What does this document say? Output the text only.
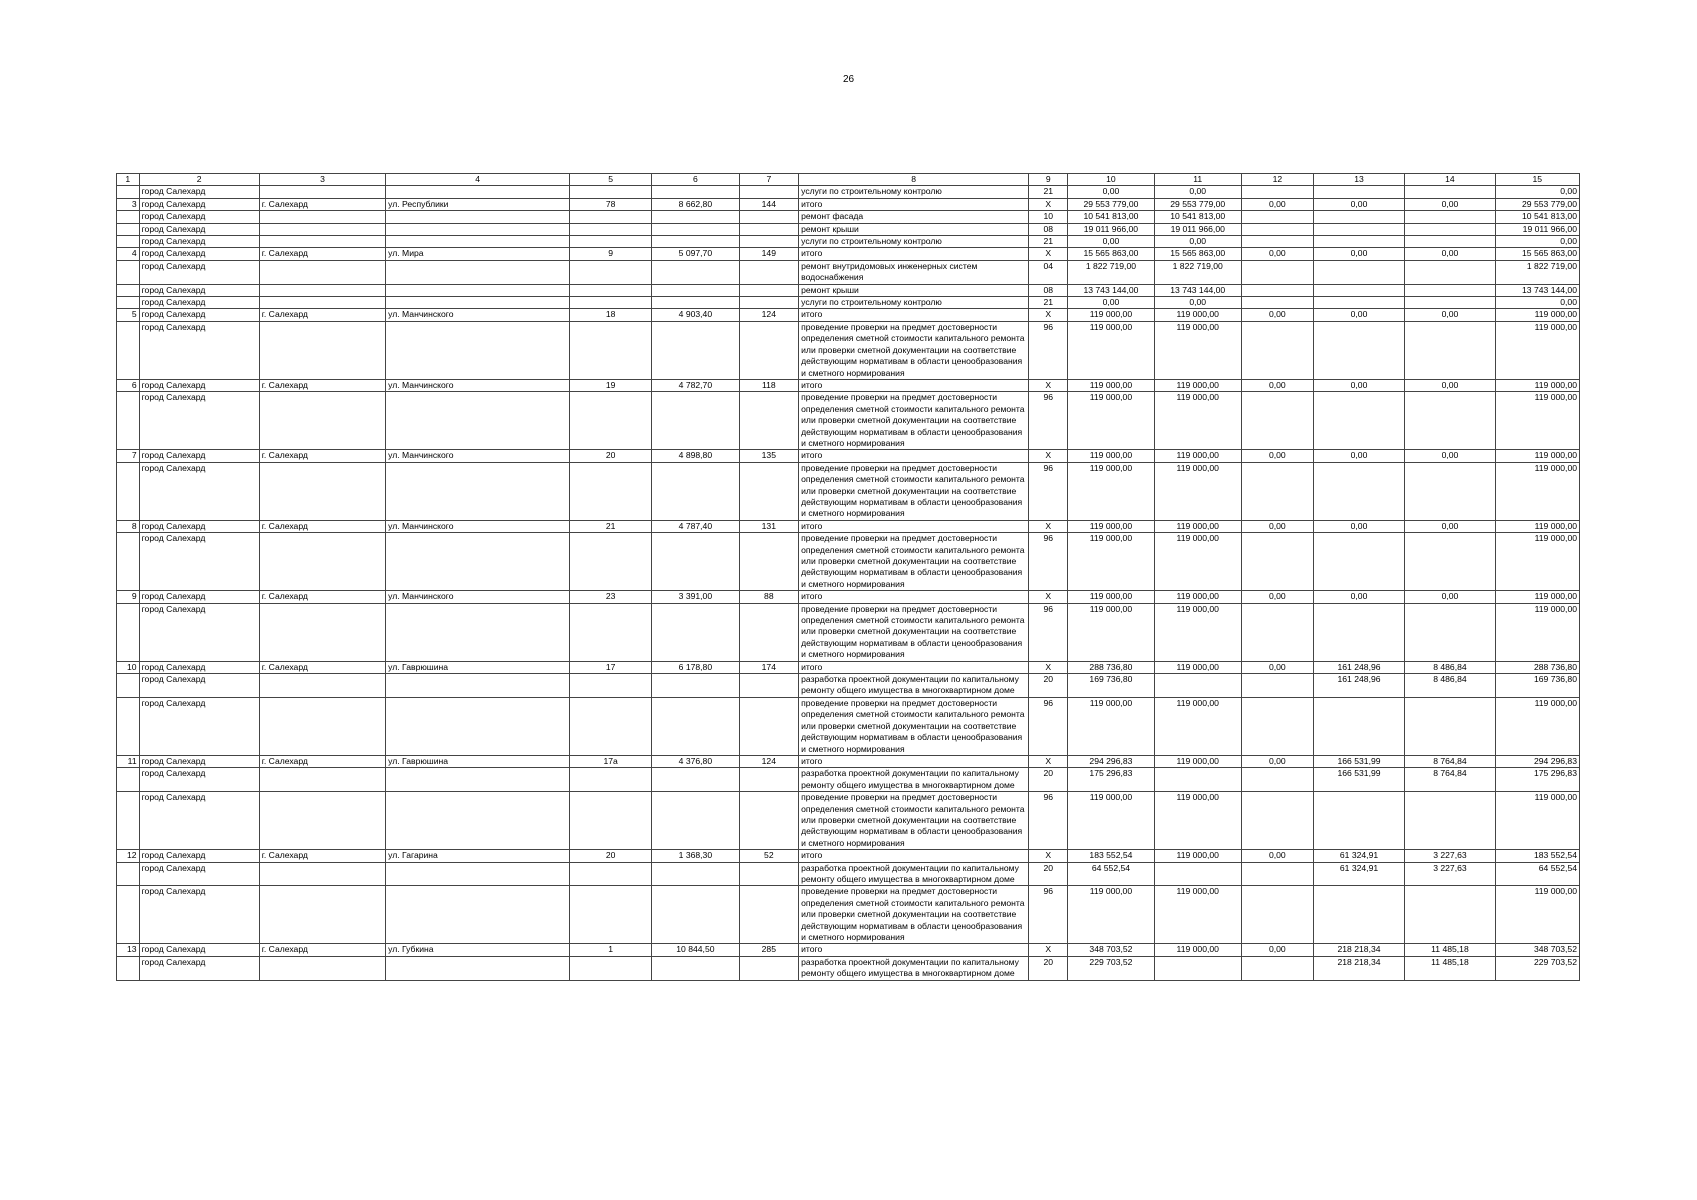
26
1	2	3	4	5	6	7	8	9	10	11	12	13	14	15
	город Салехард						услуги по строительному контролю	21	0,00	0,00				0,00
3	город Салехард	г. Салехард	ул. Республики	78	8 662,80	144	итого	X	29 553 779,00	29 553 779,00	0,00	0,00	0,00	29 553 779,00
	город Салехард						ремонт фасада	10	10 541 813,00	10 541 813,00				10 541 813,00
	город Салехард						ремонт крыши	08	19 011 966,00	19 011 966,00				19 011 966,00
	город Салехард						услуги по строительному контролю	21	0,00	0,00				0,00
4	город Салехард	г. Салехард	ул. Мира	9	5 097,70	149	итого	X	15 565 863,00	15 565 863,00	0,00	0,00	0,00	15 565 863,00
	город Салехард						ремонт внутридомовых инженерных систем водоснабжения	04	1 822 719,00	1 822 719,00				1 822 719,00
	город Салехард						ремонт крыши	08	13 743 144,00	13 743 144,00				13 743 144,00
	город Салехард						услуги по строительному контролю	21	0,00	0,00				0,00
5	город Салехард	г. Салехард	ул. Манчинского	18	4 903,40	124	итого	X	119 000,00	119 000,00	0,00	0,00	0,00	119 000,00
	город Салехард						проведение проверки на предмет достоверности определения сметной стоимости капитального ремонта или проверки сметной документации на соответствие действующим нормативам в области ценообразования и сметного нормирования	96	119 000,00	119 000,00				119 000,00
6	город Салехард	г. Салехард	ул. Манчинского	19	4 782,70	118	итого	X	119 000,00	119 000,00	0,00	0,00	0,00	119 000,00
	город Салехард						проведение проверки на предмет достоверности определения сметной стоимости капитального ремонта или проверки сметной документации на соответствие действующим нормативам в области ценообразования и сметного нормирования	96	119 000,00	119 000,00				119 000,00
7	город Салехард	г. Салехард	ул. Манчинского	20	4 898,80	135	итого	X	119 000,00	119 000,00	0,00	0,00	0,00	119 000,00
	город Салехард						проведение проверки на предмет достоверности определения сметной стоимости капитального ремонта или проверки сметной документации на соответствие действующим нормативам в области ценообразования и сметного нормирования	96	119 000,00	119 000,00				119 000,00
8	город Салехард	г. Салехард	ул. Манчинского	21	4 787,40	131	итого	X	119 000,00	119 000,00	0,00	0,00	0,00	119 000,00
	город Салехард						проведение проверки на предмет достоверности определения сметной стоимости капитального ремонта или проверки сметной документации на соответствие действующим нормативам в области ценообразования и сметного нормирования	96	119 000,00	119 000,00				119 000,00
9	город Салехард	г. Салехард	ул. Манчинского	23	3 391,00	88	итого	X	119 000,00	119 000,00	0,00	0,00	0,00	119 000,00
	город Салехард						проведение проверки на предмет достоверности определения сметной стоимости капитального ремонта или проверки сметной документации на соответствие действующим нормативам в области ценообразования и сметного нормирования	96	119 000,00	119 000,00				119 000,00
10	город Салехард	г. Салехард	ул. Гаврюшина	17	6 178,80	174	итого	X	288 736,80	119 000,00	0,00	161 248,96	8 486,84	288 736,80
	город Салехард						разработка проектной документации по капитальному ремонту общего имущества в многоквартирном доме	20	169 736,80			161 248,96	8 486,84	169 736,80
	город Салехард						проведение проверки на предмет достоверности определения сметной стоимости капитального ремонта или проверки сметной документации на соответствие действующим нормативам в области ценообразования и сметного нормирования	96	119 000,00	119 000,00				119 000,00
11	город Салехард	г. Салехард	ул. Гаврюшина	17а	4 376,80	124	итого	X	294 296,83	119 000,00	0,00	166 531,99	8 764,84	294 296,83
	город Салехард						разработка проектной документации по капитальному ремонту общего имущества в многоквартирном доме	20	175 296,83			166 531,99	8 764,84	175 296,83
	город Салехард						проведение проверки на предмет достоверности определения сметной стоимости капитального ремонта или проверки сметной документации на соответствие действующим нормативам в области ценообразования и сметного нормирования	96	119 000,00	119 000,00				119 000,00
12	город Салехард	г. Салехард	ул. Гагарина	20	1 368,30	52	итого	X	183 552,54	119 000,00	0,00	61 324,91	3 227,63	183 552,54
	город Салехард						разработка проектной документации по капитальному ремонту общего имущества в многоквартирном доме	20	64 552,54			61 324,91	3 227,63	64 552,54
	город Салехард						проведение проверки на предмет достоверности определения сметной стоимости капитального ремонта или проверки сметной документации на соответствие действующим нормативам в области ценообразования и сметного нормирования	96	119 000,00	119 000,00				119 000,00
13	город Салехард	г. Салехард	ул. Губкина	1	10 844,50	285	итого	X	348 703,52	119 000,00	0,00	218 218,34	11 485,18	348 703,52
	город Салехард						разработка проектной документации по капитальному ремонту общего имущества в многоквартирном доме	20	229 703,52			218 218,34	11 485,18	229 703,52
